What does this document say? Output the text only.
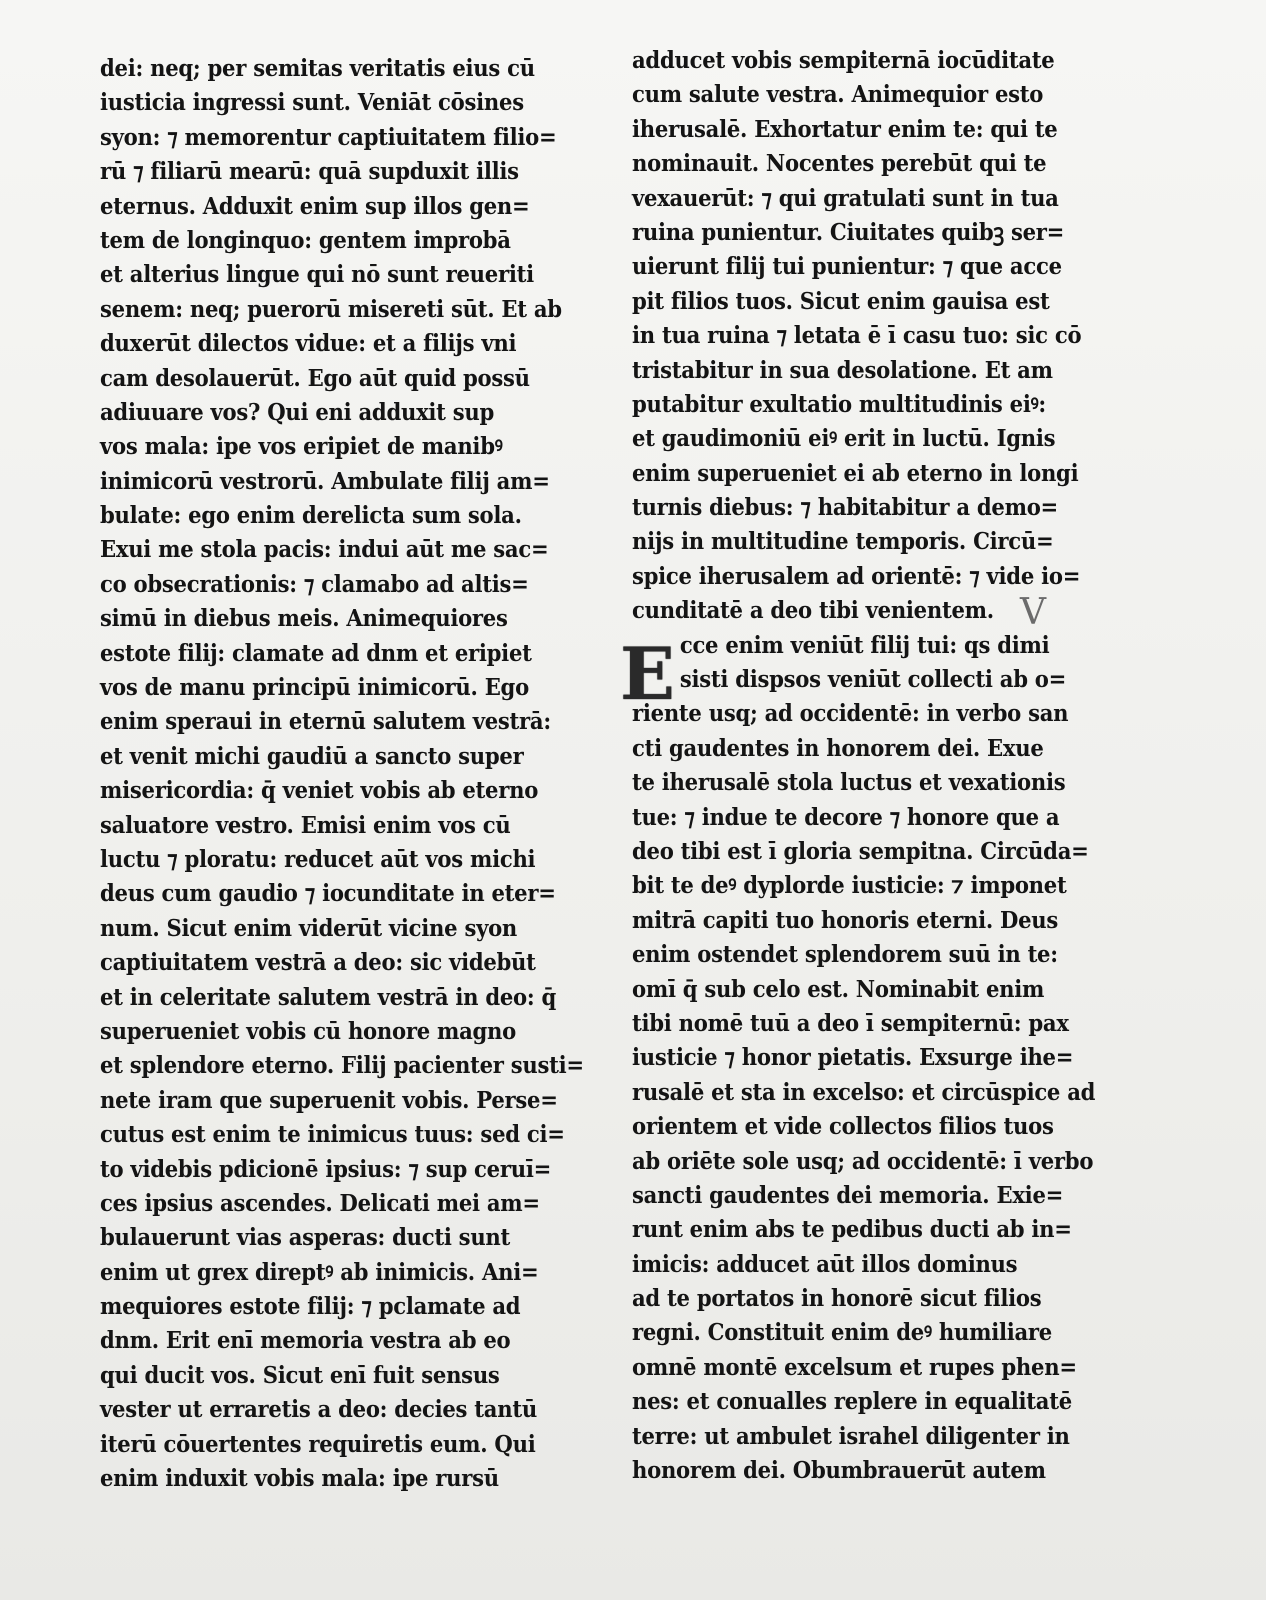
dei: neq; per semitas veritatis eius cū
iusticia ingressi sunt. Veniāt cōsines
syon: ⁊ memorentur captiuitatem filio=
rū ⁊ filiarū mearū: quā supduxit illis
eternus. Adduxit enim sup illos gen=
tem de longinquo: gentem improbā
et alterius lingue qui nō sunt reueriti
senem: neq; puerorū misereti sūt. Et ab
duxerūt dilectos vidue: et a filijs vni
cam desolauerūt. Ego aūt quid possū
adiuuare vos? Qui eni adduxit sup
vos mala: ipe vos eripiet de manibꝰ
inimicorū vestrorū. Ambulate filij am=
bulate: ego enim derelicta sum sola.
Exui me stola pacis: indui aūt me sac=
co obsecrationis: ⁊ clamabo ad altis=
simū in diebus meis. Animequiores
estote filij: clamate ad dnm et eripiet
vos de manu principū inimicorū. Ego
enim speraui in eternū salutem vestrā:
et venit michi gaudiū a sancto super
misericordia: q̄ veniet vobis ab eterno
saluatore vestro. Emisi enim vos cū
luctu ⁊ ploratu: reducet aūt vos michi
deus cum gaudio ⁊ iocunditate in eter=
num. Sicut enim viderūt vicine syon
captiuitatem vestrā a deo: sic videbūt
et in celeritate salutem vestrā in deo: q̄
superueniet vobis cū honore magno
et splendore eterno. Filij pacienter susti=
nete iram que superuenit vobis. Perse=
cutus est enim te inimicus tuus: sed ci=
to videbis pdicionē ipsius: ⁊ sup ceruī=
ces ipsius ascendes. Delicati mei am=
bulauerunt vias asperas: ducti sunt
enim ut grex direptꝰ ab inimicis. Ani=
mequiores estote filij: ⁊ pclamate ad
dnm. Erit enī memoria vestra ab eo
qui ducit vos. Sicut enī fuit sensus
vester ut erraretis a deo: decies tantū
iterū cōuertentes requiretis eum. Qui
enim induxit vobis mala: ipe rursū
adducet vobis sempiternā iocūditate
cum salute vestra. Animequior esto
iherusalē. Exhortatur enim te: qui te
nominauit. Nocentes perebūt qui te
vexauerūt: ⁊ qui gratulati sunt in tua
ruina punientur. Ciuitates quibꝫ ser=
uierunt filij tui punientur: ⁊ que acce
pit filios tuos. Sicut enim gauisa est
in tua ruina ⁊ letata ē ī casu tuo: sic cō
tristabitur in sua desolatione. Et am
putabitur exultatio multitudinis eiꝰ:
et gaudimoniū eiꝰ erit in luctū. Ignis
enim superueniet ei ab eterno in longi
turnis diebus: ⁊ habitabitur a demo=
nijs in multitudine temporis. Circū=
spice iherusalem ad orientē: ⁊ vide io=
cunditatē a deo tibi venientem.
cce enim veniūt filij tui: qs dimi
sisti dispsos veniūt collecti ab o=
riente usq; ad occidentē: in verbo san
cti gaudentes in honorem dei. Exue
te iherusalē stola luctus et vexationis
tue: ⁊ indue te decore ⁊ honore que a
deo tibi est ī gloria sempitna. Circūda=
bit te deꝰ dyplorde iusticie: ⁊ imponet
mitrā capiti tuo honoris eterni. Deus
enim ostendet splendorem suū in te:
omī q̄ sub celo est. Nominabit enim
tibi nomē tuū a deo ī sempiternū: pax
iusticie ⁊ honor pietatis. Exsurge ihe=
rusalē et sta in excelso: et circūspice ad
orientem et vide collectos filios tuos
ab oriēte sole usq; ad occidentē: ī verbo
sancti gaudentes dei memoria. Exie=
runt enim abs te pedibus ducti ab in=
imicis: adducet aūt illos dominus
ad te portatos in honorē sicut filios
regni. Constituit enim deꝰ humiliare
omnē montē excelsum et rupes phen=
nes: et conualles replere in equalitatē
terre: ut ambulet israhel diligenter in
honorem dei. Obumbrauerūt autem
V
E
